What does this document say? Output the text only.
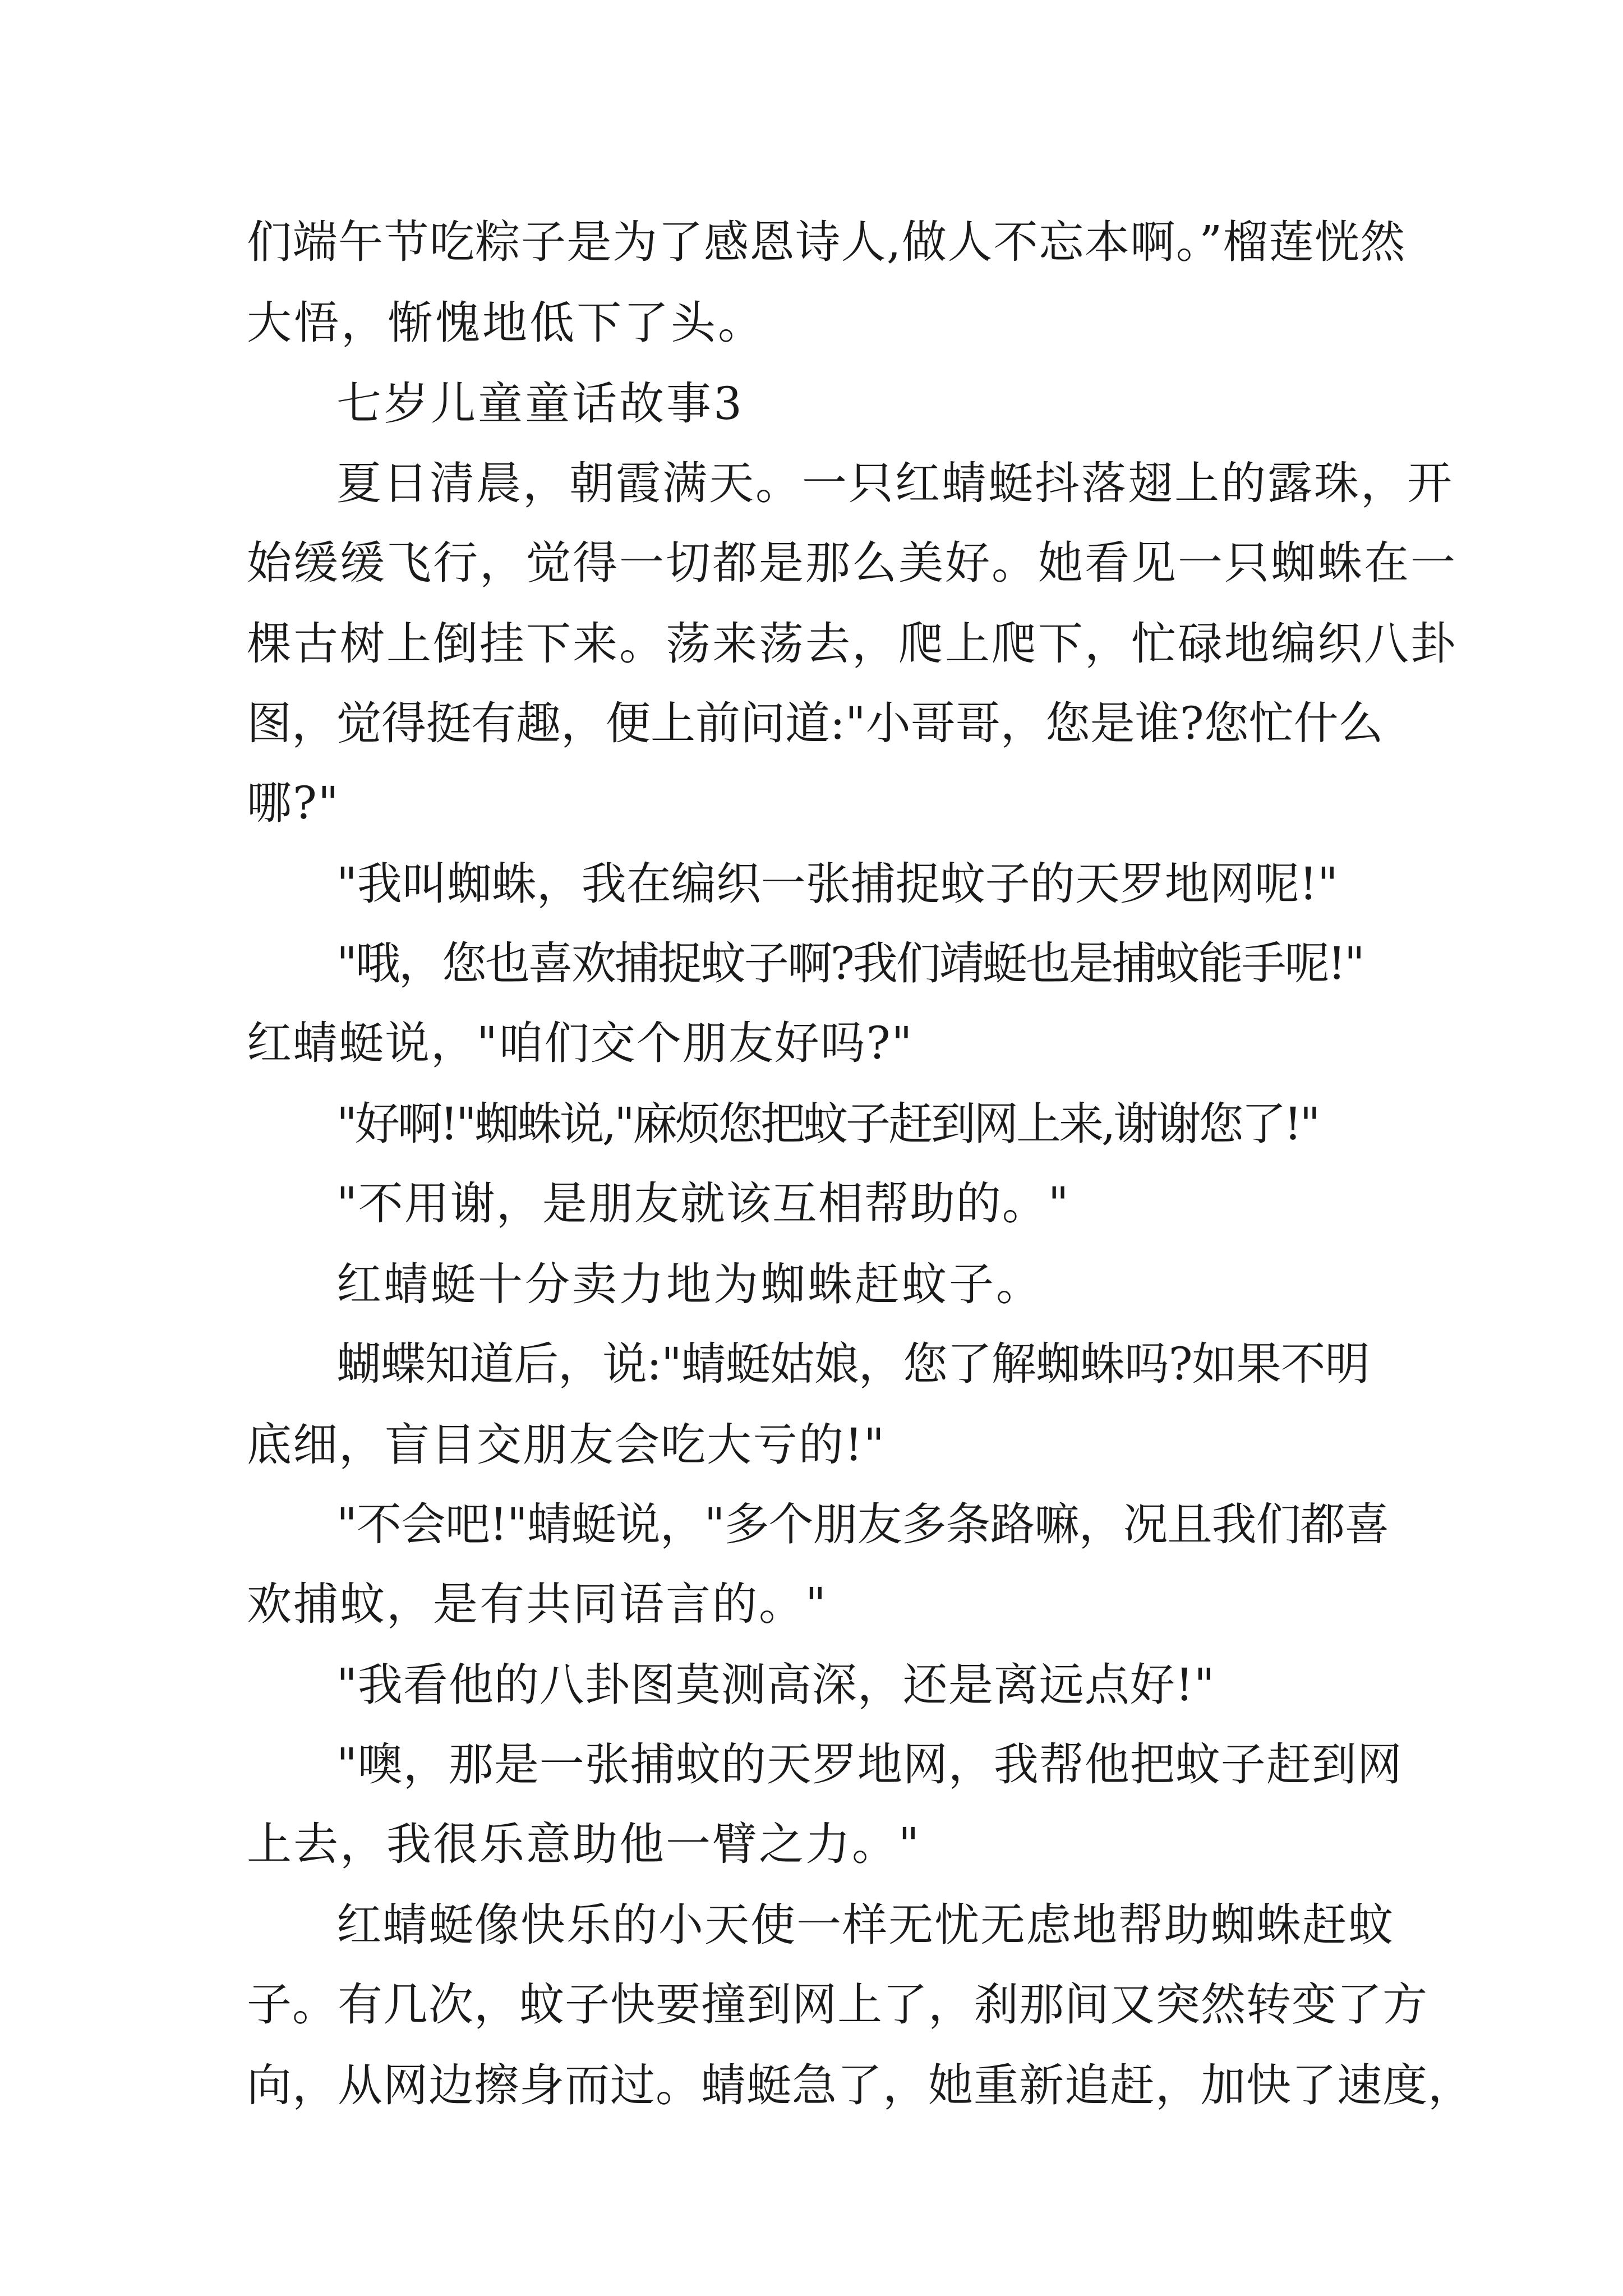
们端午节吃粽子是为了感恩诗人,做人不忘本啊。”榴莲恍然
大悟，惭愧地低下了头。
七岁儿童童话故事3
夏日清晨，朝霞满天。一只红蜻蜓抖落翅上的露珠，开
始缓缓飞行，觉得一切都是那么美好。她看见一只蜘蛛在一
棵古树上倒挂下来。荡来荡去，爬上爬下，忙碌地编织八卦
图，觉得挺有趣，便上前问道:"小哥哥，您是谁?您忙什么
哪?"
"我叫蜘蛛，我在编织一张捕捉蚊子的天罗地网呢!"
"哦，您也喜欢捕捉蚊子啊?我们靖蜓也是捕蚊能手呢!"
红蜻蜓说，"咱们交个朋友好吗?"
"好啊!"蜘蛛说,"麻烦您把蚊子赶到网上来,谢谢您了!"
"不用谢，是朋友就该互相帮助的。"
红蜻蜓十分卖力地为蜘蛛赶蚊子。
蝴蝶知道后，说:"蜻蜓姑娘，您了解蜘蛛吗?如果不明
底细，盲目交朋友会吃大亏的!"
"不会吧!"蜻蜓说，"多个朋友多条路嘛，况且我们都喜
欢捕蚊，是有共同语言的。"
"我看他的八卦图莫测高深，还是离远点好!"
"噢，那是一张捕蚊的天罗地网，我帮他把蚊子赶到网
上去，我很乐意助他一臂之力。"
红蜻蜓像快乐的小天使一样无忧无虑地帮助蜘蛛赶蚊
子。有几次，蚊子快要撞到网上了，刹那间又突然转变了方
向，从网边擦身而过。蜻蜓急了，她重新追赶，加快了速度，
